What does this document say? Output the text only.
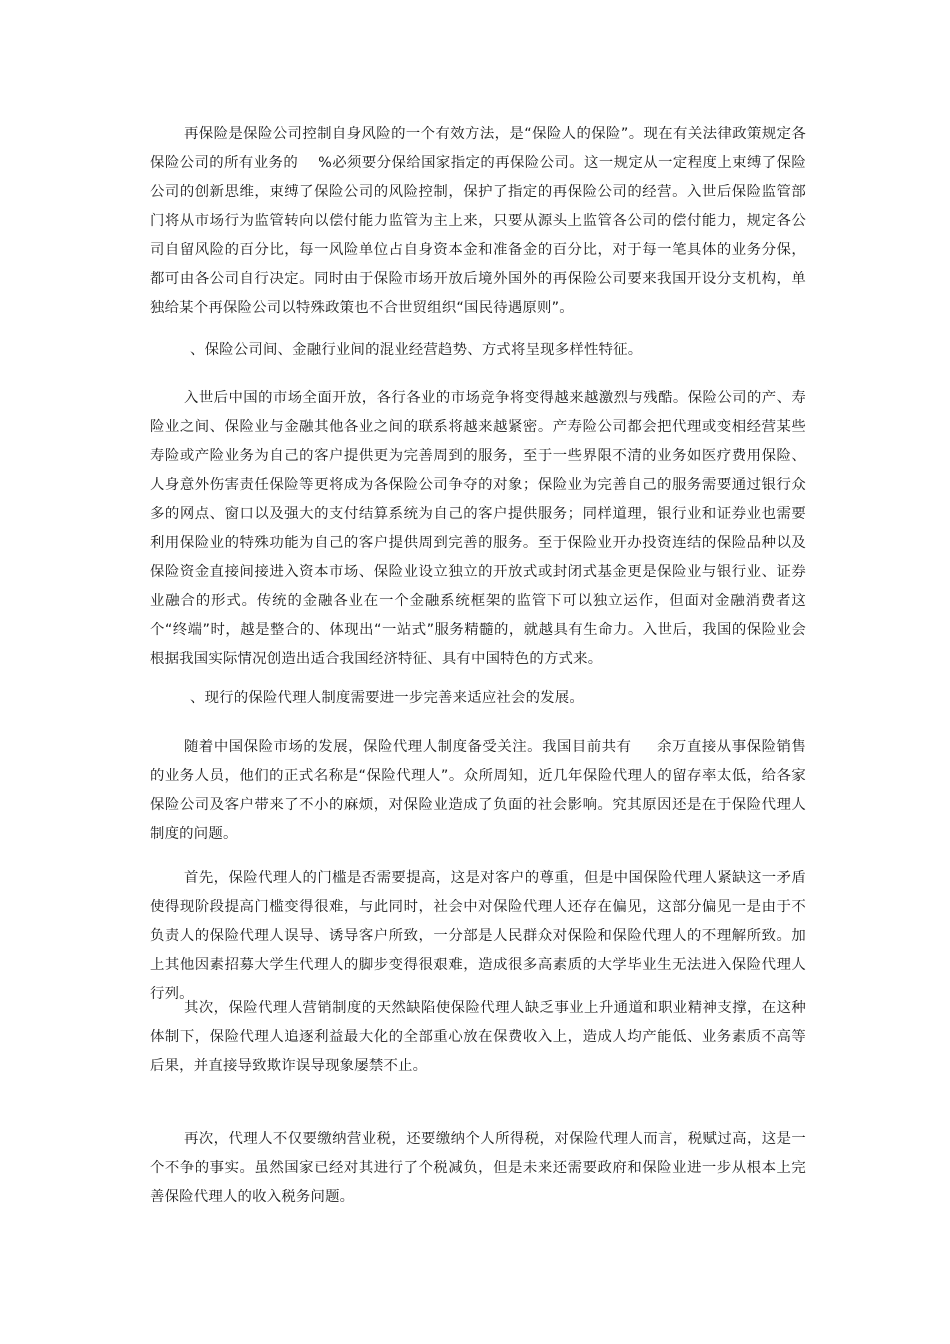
再保险是保险公司控制自身风险的一个有效方法，是“保险人的保险”。现在有关法律政策规定各保险公司的所有业务的    %必须要分保给国家指定的再保险公司。这一规定从一定程度上束缚了保险公司的创新思维，束缚了保险公司的风险控制，保护了指定的再保险公司的经营。入世后保险监管部门将从市场行为监管转向以偿付能力监管为主上来，只要从源头上监管各公司的偿付能力，规定各公司自留风险的百分比，每一风险单位占自身资本金和准备金的百分比，对于每一笔具体的业务分保，都可由各公司自行决定。同时由于保险市场开放后境外国外的再保险公司要来我国开设分支机构，单独给某个再保险公司以特殊政策也不合世贸组织“国民待遇原则”。

、保险公司间、金融行业间的混业经营趋势、方式将呈现多样性特征。

入世后中国的市场全面开放，各行各业的市场竞争将变得越来越激烈与残酷。保险公司的产、寿险业之间、保险业与金融其他各业之间的联系将越来越紧密。产寿险公司都会把代理或变相经营某些寿险或产险业务为自己的客户提供更为完善周到的服务，至于一些界限不清的业务如医疗费用保险、人身意外伤害责任保险等更将成为各保险公司争夺的对象；保险业为完善自己的服务需要通过银行众多的网点、窗口以及强大的支付结算系统为自己的客户提供服务；同样道理，银行业和证券业也需要利用保险业的特殊功能为自己的客户提供周到完善的服务。至于保险业开办投资连结的保险品种以及保险资金直接间接进入资本市场、保险业设立独立的开放式或封闭式基金更是保险业与银行业、证券业融合的形式。传统的金融各业在一个金融系统框架的监管下可以独立运作，但面对金融消费者这个“终端”时，越是整合的、体现出“一站式”服务精髓的，就越具有生命力。入世后，我国的保险业会根据我国实际情况创造出适合我国经济特征、具有中国特色的方式来。

、现行的保险代理人制度需要进一步完善来适应社会的发展。

随着中国保险市场的发展，保险代理人制度备受关注。我国目前共有     余万直接从事保险销售的业务人员，他们的正式名称是“保险代理人”。众所周知，近几年保险代理人的留存率太低，给各家保险公司及客户带来了不小的麻烦，对保险业造成了负面的社会影响。究其原因还是在于保险代理人制度的问题。

首先，保险代理人的门槛是否需要提高，这是对客户的尊重，但是中国保险代理人紧缺这一矛盾使得现阶段提高门槛变得很难，与此同时，社会中对保险代理人还存在偏见，这部分偏见一是由于不负责人的保险代理人误导、诱导客户所致，一分部是人民群众对保险和保险代理人的不理解所致。加上其他因素招募大学生代理人的脚步变得很艰难，造成很多高素质的大学毕业生无法进入保险代理人行列。

其次，保险代理人营销制度的天然缺陷使保险代理人缺乏事业上升通道和职业精神支撑，在这种体制下，保险代理人追逐利益最大化的全部重心放在保费收入上，造成人均产能低、业务素质不高等后果，并直接导致欺诈误导现象屡禁不止。

再次，代理人不仅要缴纳营业税，还要缴纳个人所得税，对保险代理人而言，税赋过高，这是一个不争的事实。虽然国家已经对其进行了个税减负，但是未来还需要政府和保险业进一步从根本上完善保险代理人的收入税务问题。
